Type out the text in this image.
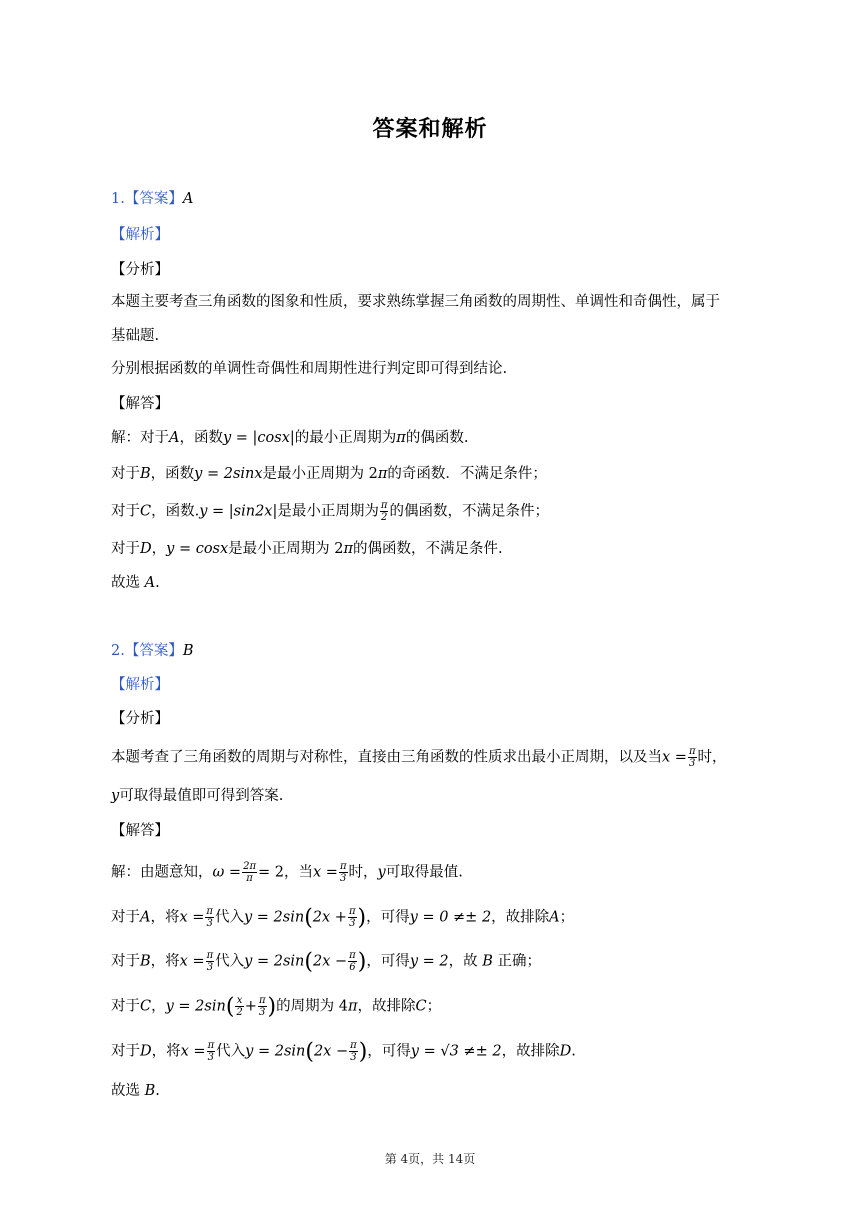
答案和解析
1.【答案】A
【解析】
【分析】
本题主要考查三角函数的图象和性质，要求熟练掌握三角函数的周期性、单调性和奇偶性，属于
基础题.
分别根据函数的单调性奇偶性和周期性进行判定即可得到结论.
【解答】
解：对于A，函数y = |cosx|的最小正周期为π的偶函数.
对于B，函数y = 2sinx是最小正周期为 2π的奇函数．不满足条件；
对于C，函数.y = |sin2x|是最小正周期为 $\frac{\pi}{2}$ 的偶函数，不满足条件；
对于D，y = cosx是最小正周期为 2π的偶函数，不满足条件.
故选 A.
2.【答案】B
【解析】
【分析】
本题考查了三角函数的周期与对称性，直接由三角函数的性质求出最小正周期，以及当$x = \frac{\pi}{3}$ 时，
y可取得最值即可得到答案.
【解答】
解：由题意知，$\omega = \frac{2\pi}{\pi} = 2$，当$x = \frac{\pi}{3}$ 时，y可取得最值.
对于A，将$x = \frac{\pi}{3}$ 代入$y = 2\sin(2x + \frac{\pi}{3}$ )，可得y = 0 ≠± 2，故排除A；
对于B，将$x = \frac{\pi}{3}$ 代入$y = 2\sin(2x - \frac{\pi}{6}$ )，可得y = 2，故 B 正确；
对于C，$y = 2\sin( \frac{x}{2} + \frac{\pi}{3}$ )的周期为 4π，故排除C；
对于D，将$x = \frac{\pi}{3}$ 代入$y = 2\sin(2x - \frac{\pi}{3}$ )，可得y = √3 ≠± 2，故排除D.
故选 B.
第 4页，共 14页
